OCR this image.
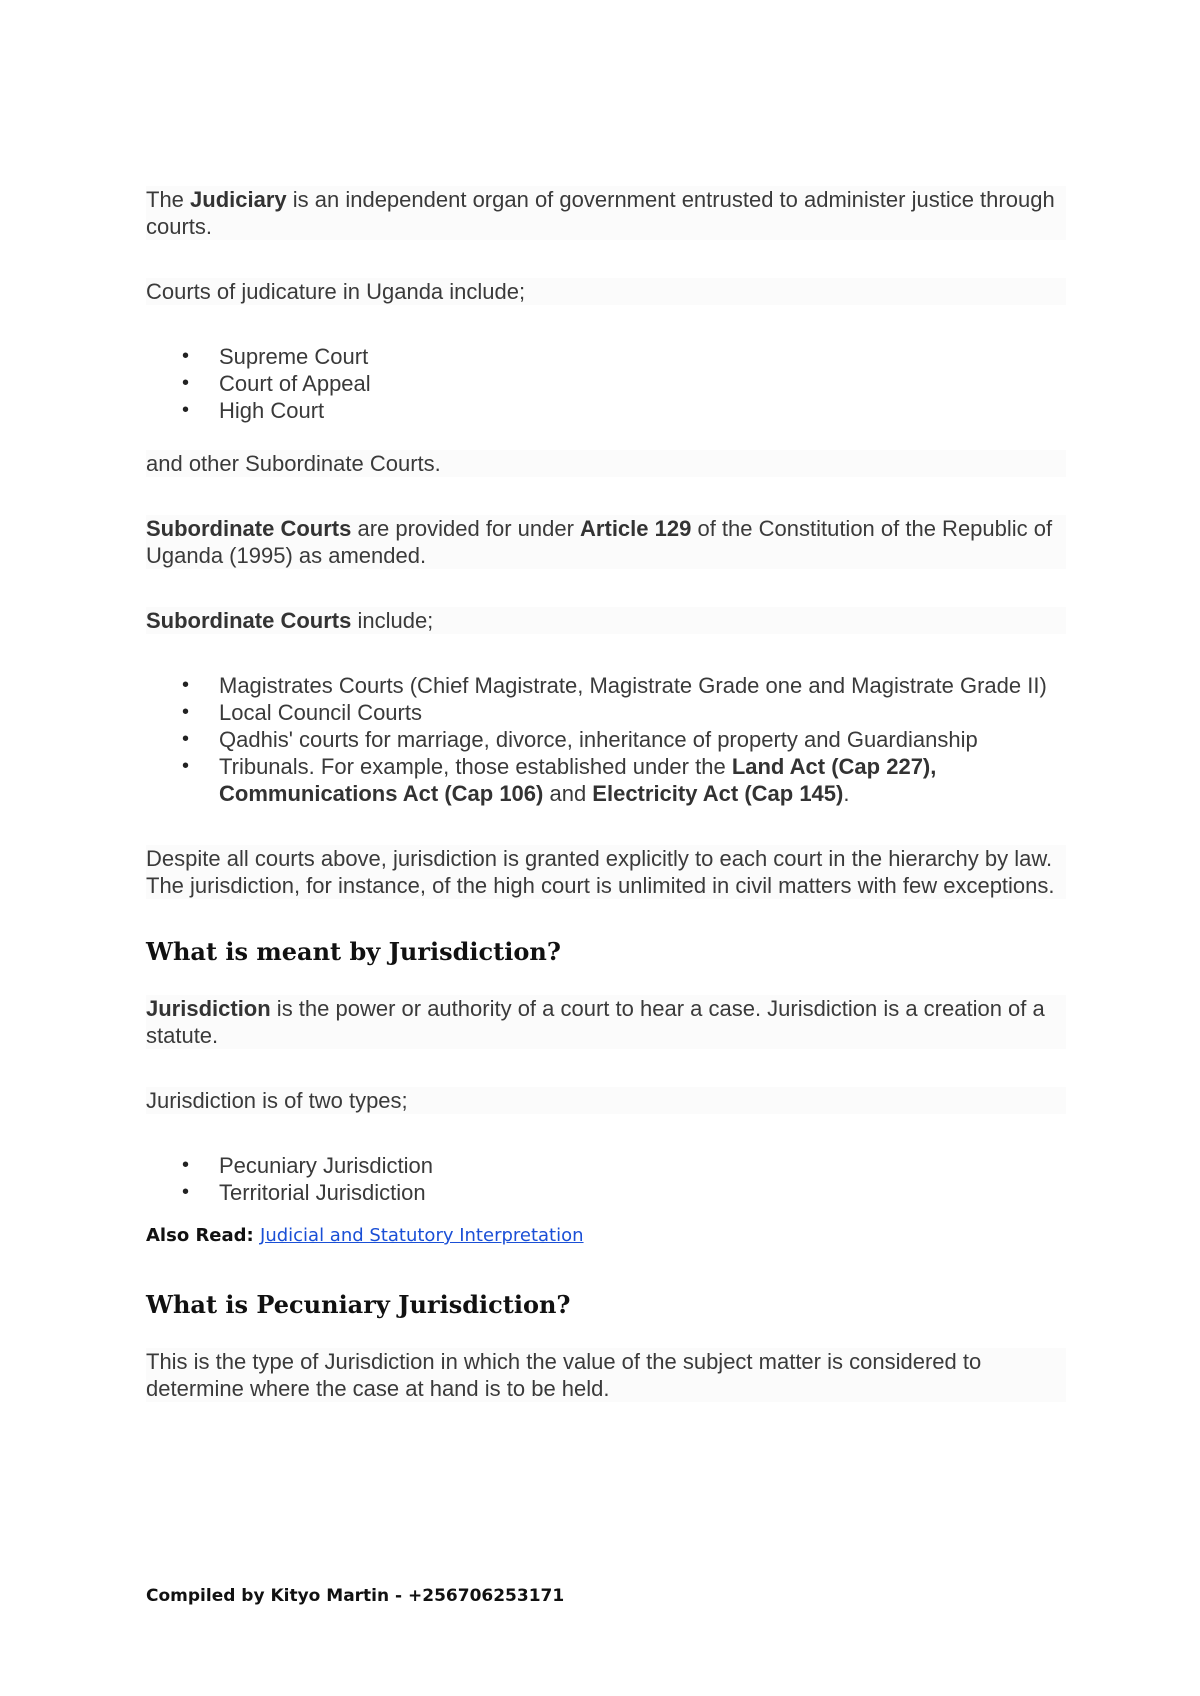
The Judiciary is an independent organ of government entrusted to administer justice through courts.

Courts of judicature in Uganda include;

• Supreme Court
• Court of Appeal
• High Court

and other Subordinate Courts.

Subordinate Courts are provided for under Article 129 of the Constitution of the Republic of Uganda (1995) as amended.

Subordinate Courts include;

• Magistrates Courts (Chief Magistrate, Magistrate Grade one and Magistrate Grade II)
• Local Council Courts
• Qadhis' courts for marriage, divorce, inheritance of property and Guardianship
• Tribunals. For example, those established under the Land Act (Cap 227), Communications Act (Cap 106) and Electricity Act (Cap 145).

Despite all courts above, jurisdiction is granted explicitly to each court in the hierarchy by law. The jurisdiction, for instance, of the high court is unlimited in civil matters with few exceptions.

What is meant by Jurisdiction?

Jurisdiction is the power or authority of a court to hear a case. Jurisdiction is a creation of a statute.

Jurisdiction is of two types;

• Pecuniary Jurisdiction
• Territorial Jurisdiction
Also Read: Judicial and Statutory Interpretation
What is Pecuniary Jurisdiction?

This is the type of Jurisdiction in which the value of the subject matter is considered to determine where the case at hand is to be held.

Compiled by Kityo Martin - +256706253171
